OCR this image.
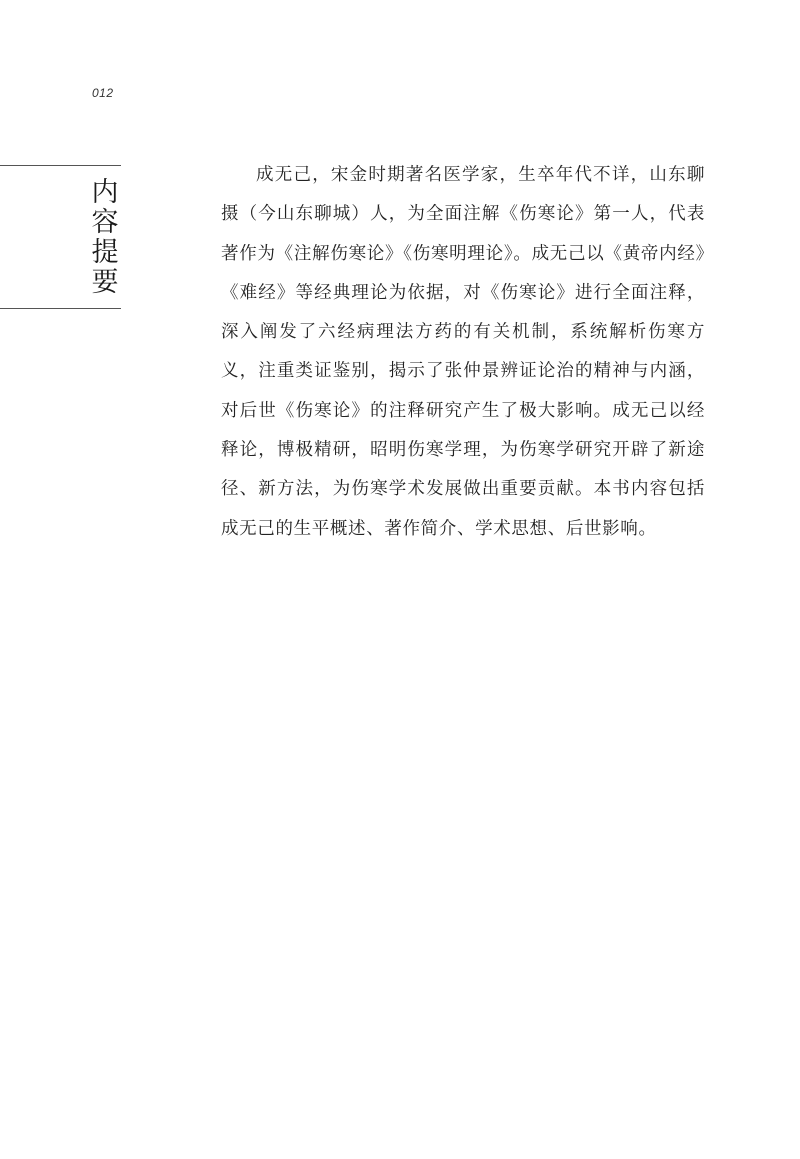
012
内
容
提
要

成无己，宋金时期著名医学家，生卒年代不详，山东聊摄（今山东聊城）人，为全面注解《伤寒论》第一人，代表著作为《注解伤寒论》《伤寒明理论》。成无己以《黄帝内经》《难经》等经典理论为依据，对《伤寒论》进行全面注释，深入阐发了六经病理法方药的有关机制，系统解析伤寒方义，注重类证鉴别，揭示了张仲景辨证论治的精神与内涵，对后世《伤寒论》的注释研究产生了极大影响。成无己以经释论，博极精研，昭明伤寒学理，为伤寒学研究开辟了新途径、新方法，为伤寒学术发展做出重要贡献。本书内容包括成无己的生平概述、著作简介、学术思想、后世影响。
